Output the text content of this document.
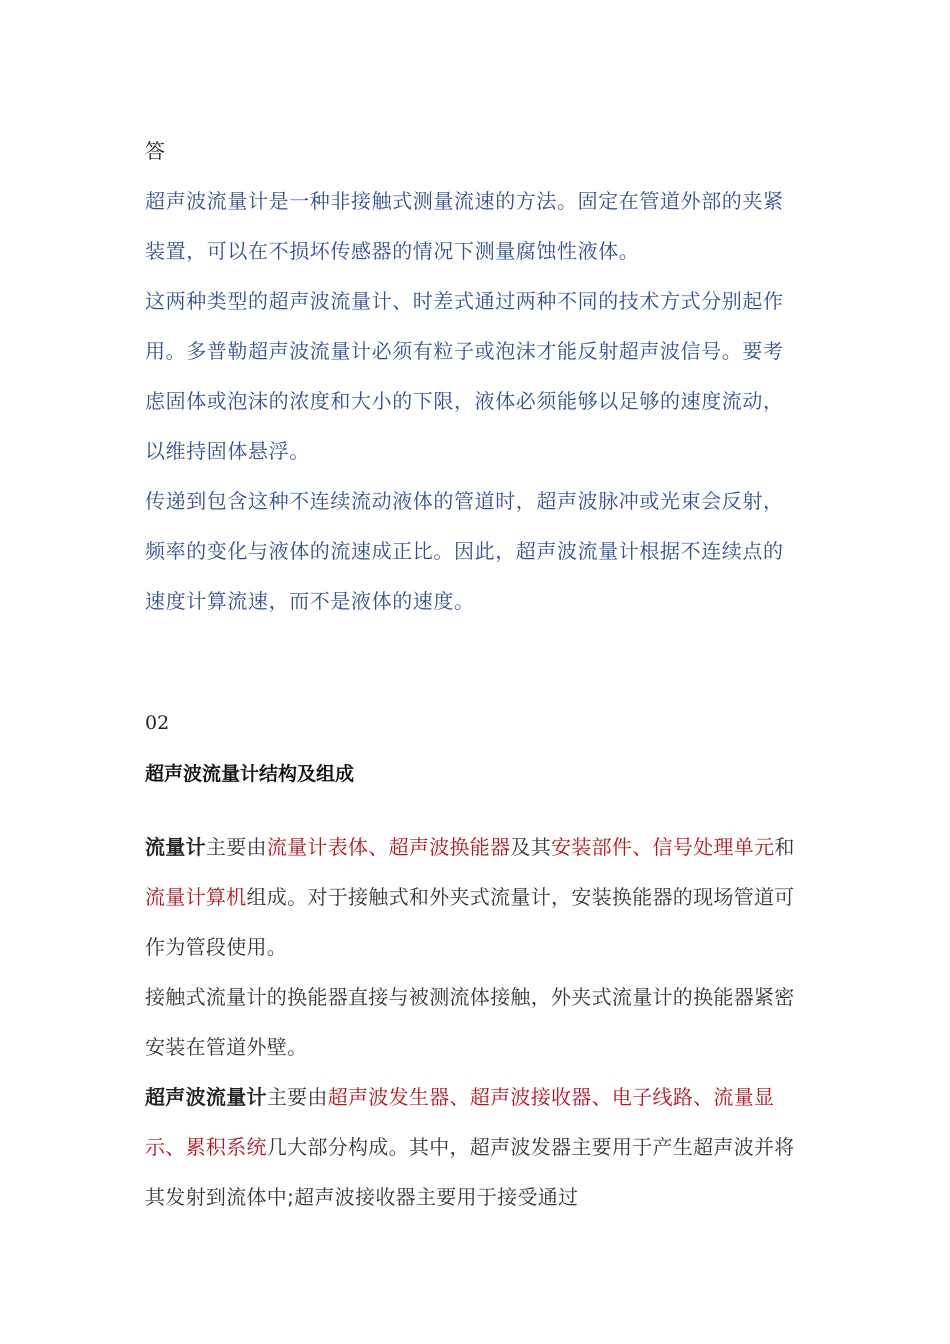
答

超声波流量计是一种非接触式测量流速的方法。固定在管道外部的夹紧装置，可以在不损坏传感器的情况下测量腐蚀性液体。

这两种类型的超声波流量计、时差式通过两种不同的技术方式分别起作用。多普勒超声波流量计必须有粒子或泡沫才能反射超声波信号。要考虑固体或泡沫的浓度和大小的下限，液体必须能够以足够的速度流动，以维持固体悬浮。

传递到包含这种不连续流动液体的管道时，超声波脉冲或光束会反射，频率的变化与液体的流速成正比。因此，超声波流量计根据不连续点的速度计算流速，而不是液体的速度。

02
超声波流量计结构及组成

流量计主要由流量计表体、超声波换能器及其安装部件、信号处理单元和流量计算机组成。对于接触式和外夹式流量计，安装换能器的现场管道可作为管段使用。

接触式流量计的换能器直接与被测流体接触，外夹式流量计的换能器紧密安装在管道外壁。

超声波流量计主要由超声波发生器、超声波接收器、电子线路、流量显示、累积系统几大部分构成。其中，超声波发器主要用于产生超声波并将其发射到流体中;超声波接收器主要用于接受通过
